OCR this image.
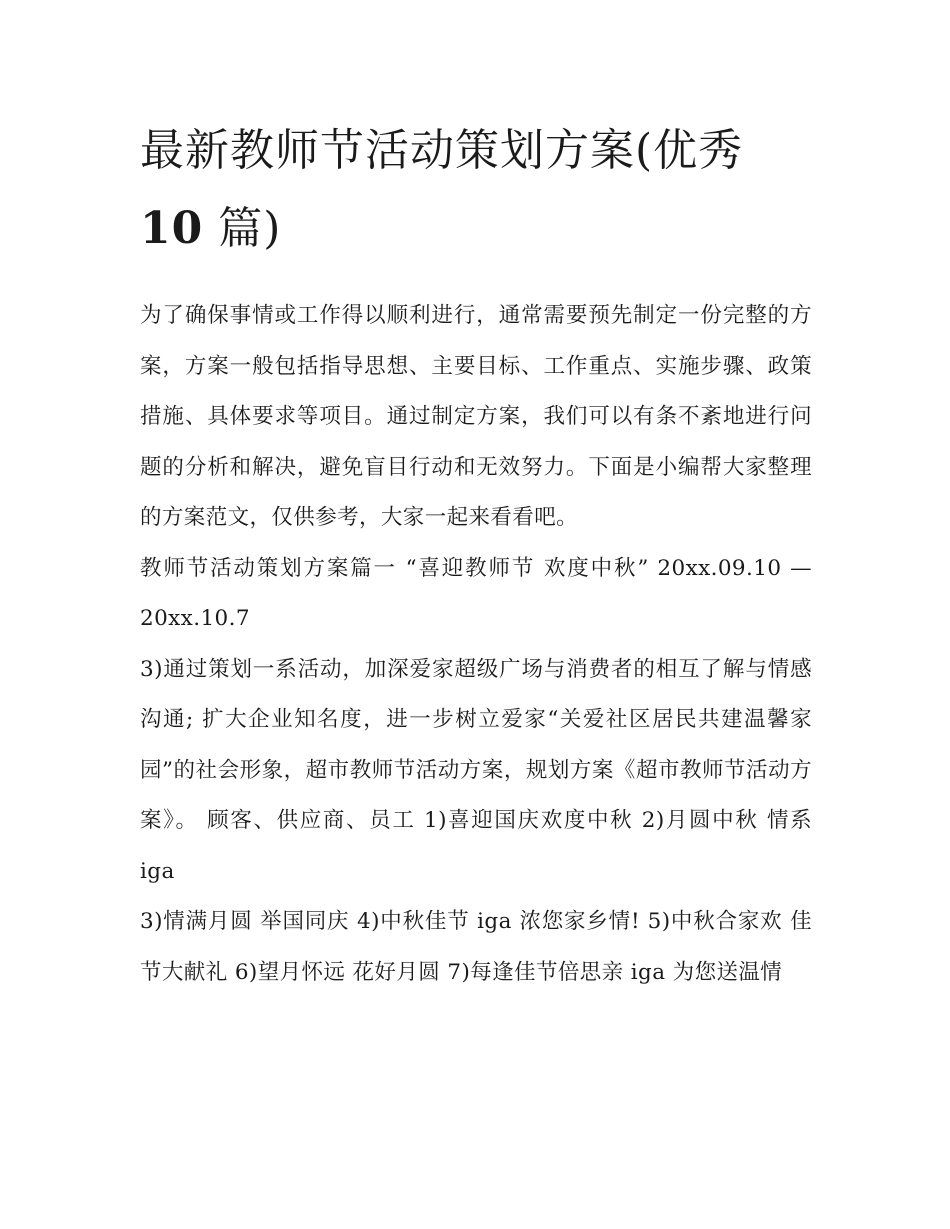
最新教师节活动策划方案(优秀
10 篇)

为了确保事情或工作得以顺利进行，通常需要预先制定一份完整的方案，方案一般包括指导思想、主要目标、工作重点、实施步骤、政策措施、具体要求等项目。通过制定方案，我们可以有条不紊地进行问题的分析和解决，避免盲目行动和无效努力。下面是小编帮大家整理的方案范文，仅供参考，大家一起来看看吧。

教师节活动策划方案篇一 “喜迎教师节 欢度中秋” 20xx.09.10 — 20xx.10.7

3)通过策划一系活动，加深爱家超级广场与消费者的相互了解与情感沟通; 扩大企业知名度，进一步树立爱家“关爱社区居民共建温馨家园”的社会形象，超市教师节活动方案，规划方案《超市教师节活动方案》。 顾客、供应商、员工 1)喜迎国庆欢度中秋 2)月圆中秋 情系 iga

3)情满月圆 举国同庆 4)中秋佳节 iga 浓您家乡情! 5)中秋合家欢 佳节大献礼 6)望月怀远 花好月圆 7)每逢佳节倍思亲 iga 为您送温情
